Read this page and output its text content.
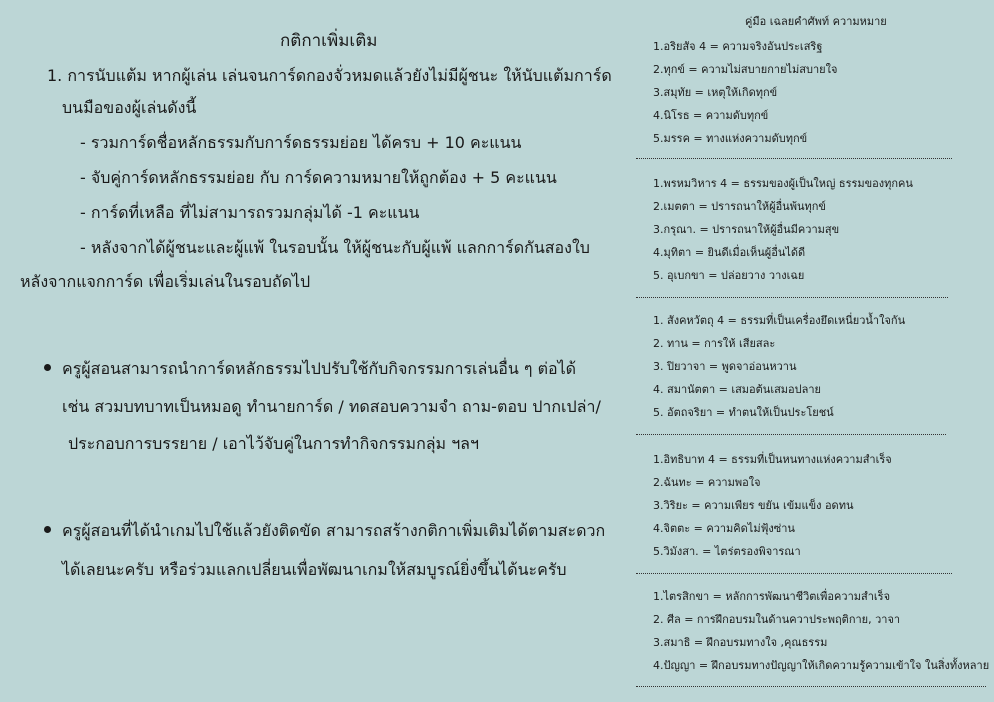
กติกาเพิ่มเติม
1. การนับแต้ม หากผู้เล่น เล่นจนการ์ดกองจั่วหมดแล้วยังไม่มีผู้ชนะ ให้นับแต้มการ์ด
บนมือของผู้เล่นดังนี้
- รวมการ์ดชื่อหลักธรรมกับการ์ดธรรมย่อย ได้ครบ + 10 คะแนน
- จับคู่การ์ดหลักธรรมย่อย กับ การ์ดความหมายให้ถูกต้อง + 5 คะแนน
- การ์ดที่เหลือ ที่ไม่สามารถรวมกลุ่มได้ -1 คะแนน
- หลังจากได้ผู้ชนะและผู้แพ้ ในรอบนั้น ให้ผู้ชนะกับผู้แพ้ แลกการ์ดกันสองใบ
หลังจากแจกการ์ด เพื่อเริ่มเล่นในรอบถัดไป
ครูผู้สอนสามารถนำการ์ดหลักธรรมไปปรับใช้กับกิจกรรมการเล่นอื่น ๆ ต่อได้
เช่น สวมบทบาทเป็นหมอดู ทำนายการ์ด / ทดสอบความจำ ถาม-ตอบ ปากเปล่า/
ประกอบการบรรยาย / เอาไว้จับคู่ในการทำกิจกรรมกลุ่ม ฯลฯ
ครูผู้สอนที่ได้นำเกมไปใช้แล้วยังติดขัด สามารถสร้างกติกาเพิ่มเติมได้ตามสะดวก
ได้เลยนะครับ หรือร่วมแลกเปลี่ยนเพื่อพัฒนาเกมให้สมบูรณ์ยิ่งขึ้นได้นะครับ
คู่มือ เฉลยคำศัพท์ ความหมาย
1.อริยสัจ 4 = ความจริงอันประเสริฐ
2.ทุกข์ = ความไม่สบายกายไม่สบายใจ
3.สมุทัย = เหตุให้เกิดทุกข์
4.นิโรธ = ความดับทุกข์
5.มรรค = ทางแห่งความดับทุกข์
1.พรหมวิหาร 4 = ธรรมของผู้เป็นใหญ่ ธรรมของทุกคน
2.เมตตา = ปรารถนาให้ผู้อื่นพ้นทุกข์
3.กรุณา. = ปรารถนาให้ผู้อื่นมีความสุข
4.มุทิตา = ยินดีเมื่อเห็นผู้อื่นได้ดี
5. อุเบกขา = ปล่อยวาง วางเฉย
1. สังคหวัตถุ 4 = ธรรมที่เป็นเครื่องยึดเหนี่ยวน้ำใจกัน
2. ทาน = การให้ เสียสละ
3. ปิยวาจา = พูดจาอ่อนหวาน
4. สมานัตตา = เสมอต้นเสมอปลาย
5. อัตถจริยา = ทำตนให้เป็นประโยชน์
1.อิทธิบาท 4 = ธรรมที่เป็นหนทางแห่งความสำเร็จ
2.ฉันทะ = ความพอใจ
3.วิริยะ = ความเพียร ขยัน เข้มแข็ง อดทน
4.จิตตะ = ความคิดไม่ฟุ้งซ่าน
5.วิมังสา. = ไตร่ตรองพิจารณา
1.ไตรสิกขา = หลักการพัฒนาชีวิตเพื่อความสำเร็จ
2. ศีล = การฝึกอบรมในด้านควาประพฤติกาย, วาจา
3.สมาธิ = ฝึกอบรมทางใจ ,คุณธรรม
4.ปัญญา = ฝึกอบรมทางปัญญาให้เกิดความรู้ความเข้าใจ ในสิ่งทั้งหลาย
